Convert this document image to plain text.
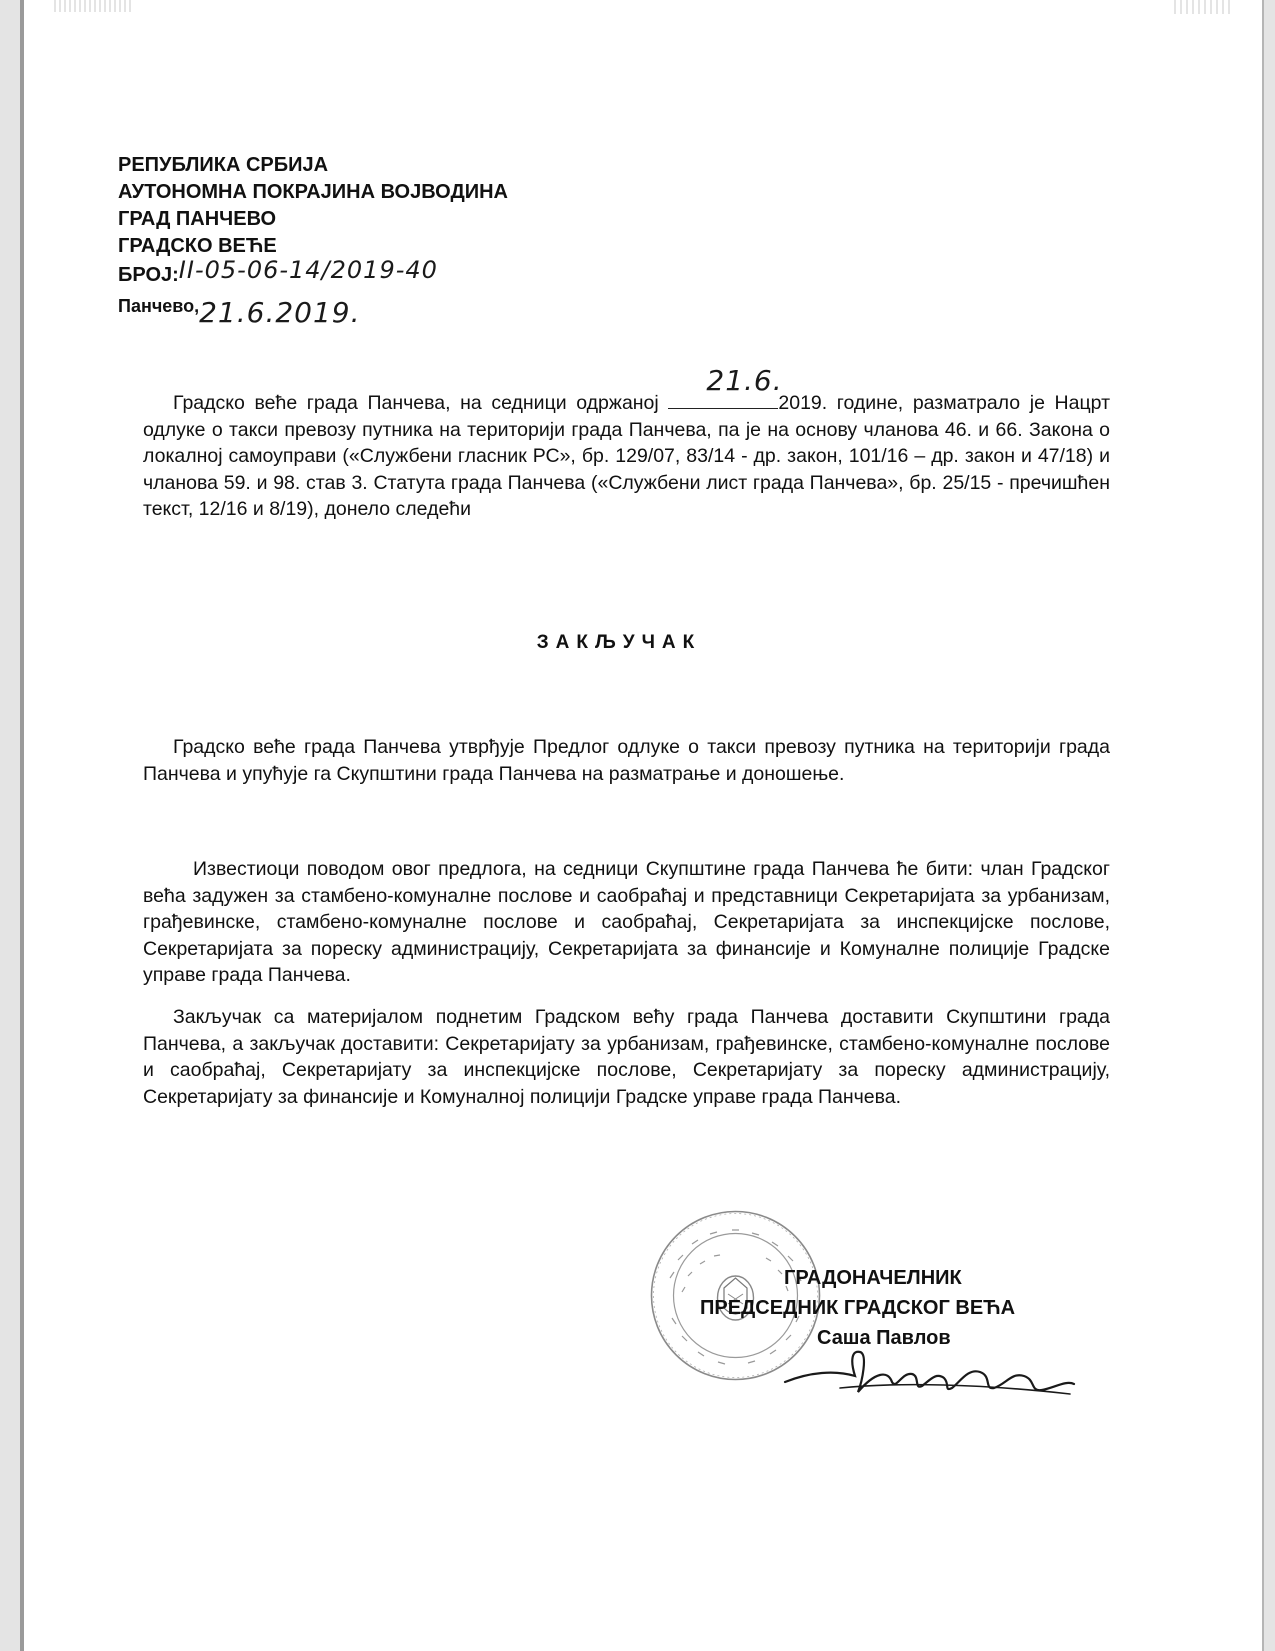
РЕПУБЛИКА СРБИЈА
АУТОНОМНА ПОКРАЈИНА ВОЈВОДИНА
ГРАД ПАНЧЕВО
ГРАДСКО ВЕЋЕ
БРОЈ:II-05-06-14/2019-40
Панчево,21.6.2019.

Градско веће града Панчева, на седници одржаној
21.6.
2019. године, разматрало је Нацрт одлуке о такси превозу путника на територији града Панчева, па је на основу чланова 46. и 66. Закона о локалној самоуправи («Службени гласник РС», бр. 129/07, 83/14 - др. закон, 101/16 – др. закон и 47/18) и чланова 59. и 98. став 3. Статута града Панчева («Службени лист града Панчева», бр. 25/15 - пречишћен текст, 12/16 и 8/19), донело следећи

ЗАКЉУЧАК

Градско веће града Панчева утврђује Предлог одлуке о такси превозу путника на територији града Панчева и упућује га Скупштини града Панчева на разматрање и доношење.

Известиоци поводом овог предлога, на седници Скупштине града Панчева ће бити: члан Градског већа задужен за стамбено-комуналне послове и саобраћај и представници Секретаријата за урбанизам, грађевинске, стамбено-комуналне послове и саобраћај, Секретаријата за инспекцијске послове, Секретаријата за пореску администрацију, Секретаријата за финансије и Комуналне полиције Градске управе града Панчева.

Закључак са материјалом поднетим Градском већу града Панчева доставити Скупштини града Панчева, а закључак доставити: Секретаријату за урбанизам, грађевинске, стамбено-комуналне послове и саобраћај, Секретаријату за инспекцијске послове, Секретаријату за пореску администрацију, Секретаријату за финансије и Комуналној полицији Градске управе града Панчева.

ГРАДОНАЧЕЛНИК
ПРЕДСЕДНИК ГРАДСКОГ ВЕЋА
Саша Павлов
